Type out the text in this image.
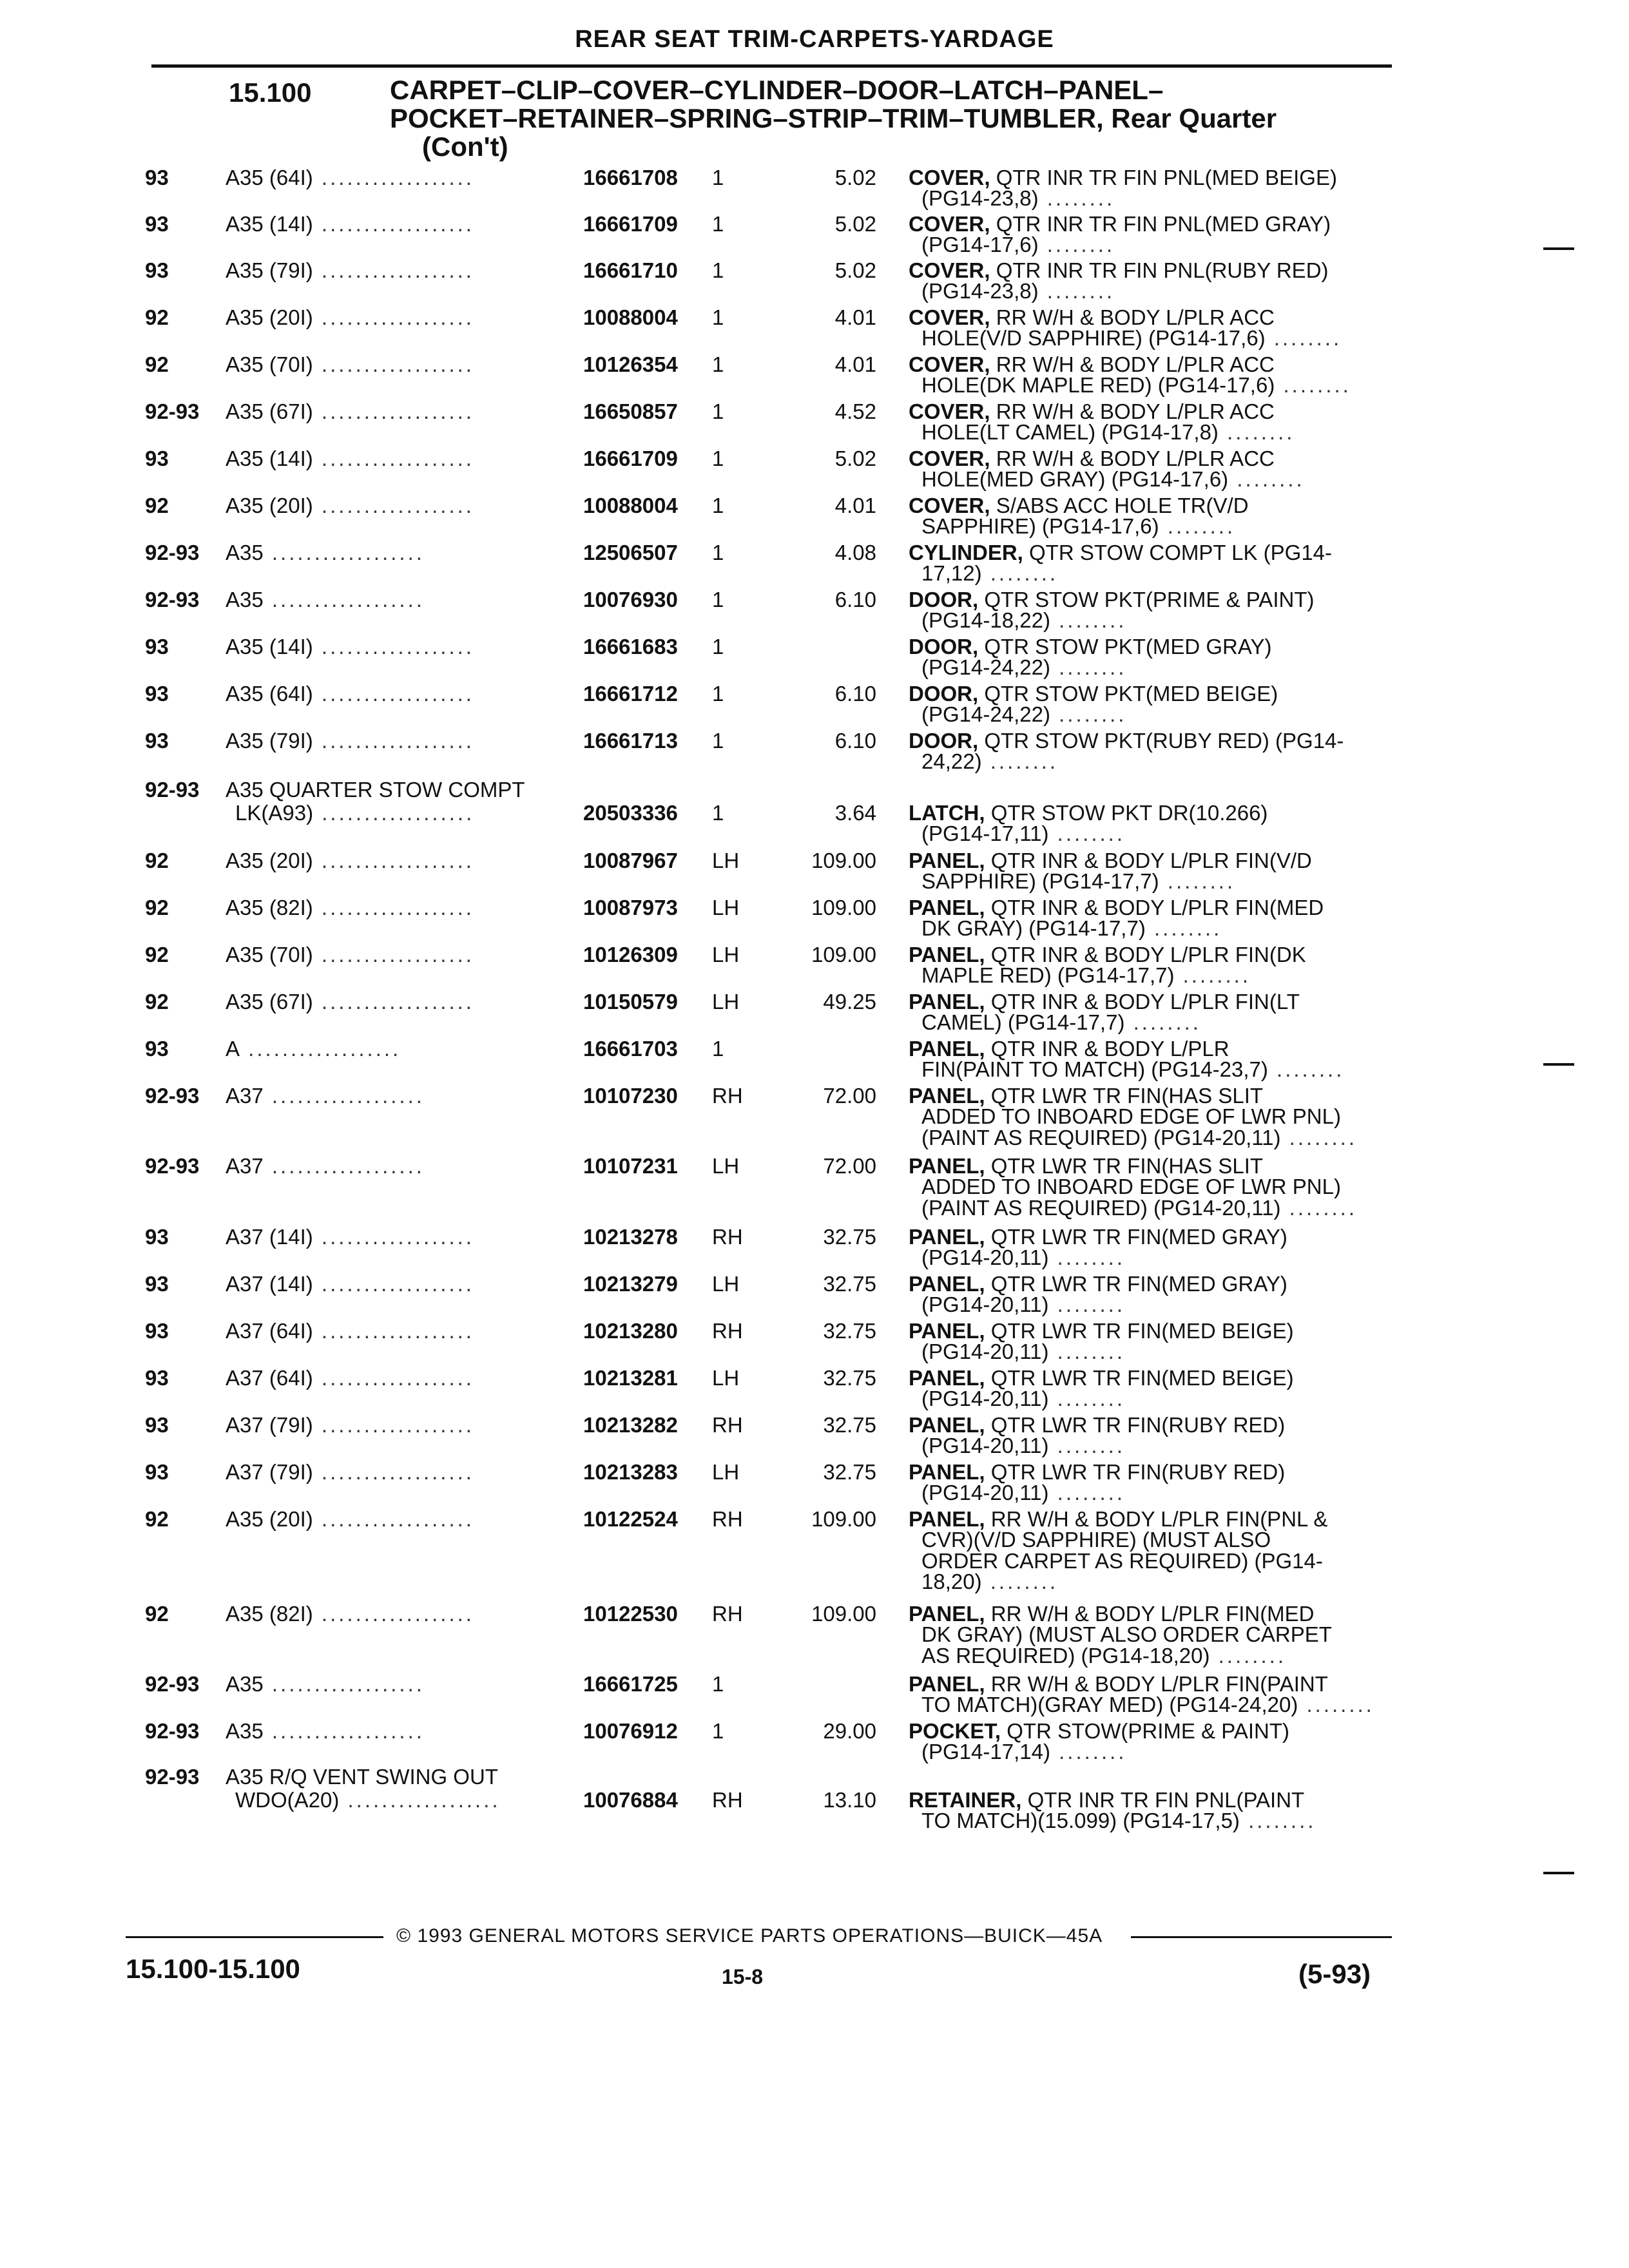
REAR SEAT TRIM-CARPETS-YARDAGE
15.100	CARPET–CLIP–COVER–CYLINDER–DOOR–LATCH–PANEL–
POCKET–RETAINER–SPRING–STRIP–TRIM–TUMBLER, Rear Quarter
(Con't)
93	A35 (64I) ..................	16661708 1	5.02 COVER, QTR INR TR FIN PNL(MED BEIGE)
(PG14-23,8) ........
93	A35 (14I) ..................	16661709 1	5.02 COVER, QTR INR TR FIN PNL(MED GRAY)
(PG14-17,6) ........
93	A35 (79I) ..................	16661710 1	5.02 COVER, QTR INR TR FIN PNL(RUBY RED)
(PG14-23,8) ........
92	A35 (20I) ..................	10088004 1	4.01 COVER, RR W/H & BODY L/PLR ACC
HOLE(V/D SAPPHIRE) (PG14-17,6) ........
92	A35 (70I) ..................	10126354 1	4.01 COVER, RR W/H & BODY L/PLR ACC
HOLE(DK MAPLE RED) (PG14-17,6) ........
92-93 A35 (67I) ..................	16650857 1	4.52 COVER, RR W/H & BODY L/PLR ACC
HOLE(LT CAMEL) (PG14-17,8) ........
93	A35 (14I) ..................	16661709 1	5.02 COVER, RR W/H & BODY L/PLR ACC
HOLE(MED GRAY) (PG14-17,6) ........
92	A35 (20I) ..................	10088004 1	4.01 COVER, S/ABS ACC HOLE TR(V/D
SAPPHIRE) (PG14-17,6) ........
92-93 A35 ..................	12506507 1	4.08 CYLINDER, QTR STOW COMPT LK (PG14-
17,12) ........
92-93 A35 ..................	10076930 1	6.10 DOOR, QTR STOW PKT(PRIME & PAINT)
(PG14-18,22) ........
93	A35 (14I) ..................	16661683 1	DOOR, QTR STOW PKT(MED GRAY)
(PG14-24,22) ........
93	A35 (64I) ..................	16661712 1	6.10 DOOR, QTR STOW PKT(MED BEIGE)
(PG14-24,22) ........
93	A35 (79I) ..................	16661713 1	6.10 DOOR, QTR STOW PKT(RUBY RED) (PG14-
24,22) ........
92-93 A35 QUARTER STOW COMPT
LK(A93) ..................	20503336 1	3.64 LATCH, QTR STOW PKT DR(10.266)
(PG14-17,11) ........
92	A35 (20I) ..................	10087967 LH	109.00 PANEL, QTR INR & BODY L/PLR FIN(V/D
SAPPHIRE) (PG14-17,7) ........
92	A35 (82I) ..................	10087973 LH	109.00 PANEL, QTR INR & BODY L/PLR FIN(MED
DK GRAY) (PG14-17,7) ........
92	A35 (70I) ..................	10126309 LH	109.00 PANEL, QTR INR & BODY L/PLR FIN(DK
MAPLE RED) (PG14-17,7) ........
92	A35 (67I) ..................	10150579 LH	49.25 PANEL, QTR INR & BODY L/PLR FIN(LT
CAMEL) (PG14-17,7) ........
93	A ..................	16661703 1	PANEL, QTR INR & BODY L/PLR
FIN(PAINT TO MATCH) (PG14-23,7) ........
92-93 A37 ..................	10107230 RH	72.00 PANEL, QTR LWR TR FIN(HAS SLIT
ADDED TO INBOARD EDGE OF LWR PNL)
(PAINT AS REQUIRED) (PG14-20,11) ........
92-93 A37 ..................	10107231 LH	72.00 PANEL, QTR LWR TR FIN(HAS SLIT
ADDED TO INBOARD EDGE OF LWR PNL)
(PAINT AS REQUIRED) (PG14-20,11) ........
93	A37 (14I) ..................	10213278 RH	32.75 PANEL, QTR LWR TR FIN(MED GRAY)
(PG14-20,11) ........
93	A37 (14I) ..................	10213279 LH	32.75 PANEL, QTR LWR TR FIN(MED GRAY)
(PG14-20,11) ........
93	A37 (64I) ..................	10213280 RH	32.75 PANEL, QTR LWR TR FIN(MED BEIGE)
(PG14-20,11) ........
93	A37 (64I) ..................	10213281 LH	32.75 PANEL, QTR LWR TR FIN(MED BEIGE)
(PG14-20,11) ........
93	A37 (79I) ..................	10213282 RH	32.75 PANEL, QTR LWR TR FIN(RUBY RED)
(PG14-20,11) ........
93	A37 (79I) ..................	10213283 LH	32.75 PANEL, QTR LWR TR FIN(RUBY RED)
(PG14-20,11) ........
92	A35 (20I) ..................	10122524 RH	109.00 PANEL, RR W/H & BODY L/PLR FIN(PNL &
CVR)(V/D SAPPHIRE) (MUST ALSO
ORDER CARPET AS REQUIRED) (PG14-
18,20) ........
92	A35 (82I) ..................	10122530 RH	109.00 PANEL, RR W/H & BODY L/PLR FIN(MED
DK GRAY) (MUST ALSO ORDER CARPET
AS REQUIRED) (PG14-18,20) ........
92-93 A35 ..................	16661725 1	PANEL, RR W/H & BODY L/PLR FIN(PAINT
TO MATCH)(GRAY MED) (PG14-24,20) ........
92-93 A35 ..................	10076912 1	29.00 POCKET, QTR STOW(PRIME & PAINT)
(PG14-17,14) ........
92-93 A35 R/Q VENT SWING OUT
WDO(A20) ..................	10076884 RH	13.10 RETAINER, QTR INR TR FIN PNL(PAINT
TO MATCH)(15.099) (PG14-17,5) ........
© 1993 GENERAL MOTORS SERVICE PARTS OPERATIONS—BUICK—45A
15.100-15.100	15-8	(5-93)
